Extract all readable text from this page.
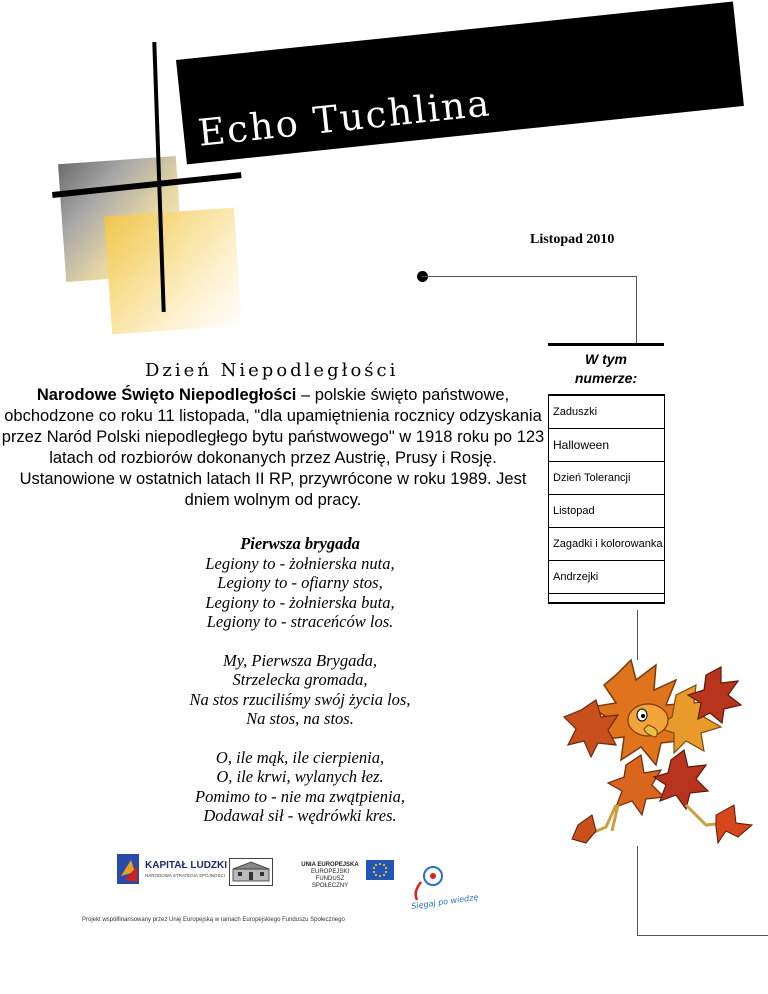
Echo Tuchlina
Listopad 2010
W tym
numerze:
Zaduszki
Halloween
Dzień Tolerancji
Listopad
Zagadki i kolorowanka
Andrzejki
Dzień Niepodległości
Narodowe Święto Niepodległości – polskie święto państwowe, obchodzone co roku 11 listopada, "dla upamiętnienia rocznicy odzyskania przez Naród Polski niepodległego bytu państwowego" w 1918 roku po 123 latach od rozbiorów dokonanych przez Austrię, Prusy i Rosję. Ustanowione w ostatnich latach II RP, przywrócone w roku 1989. Jest dniem wolnym od pracy.
Pierwsza brygada
Legiony to - żołnierska nuta,
Legiony to - ofiarny stos,
Legiony to - żołnierska buta,
Legiony to - straceńców los.
My, Pierwsza Brygada,
Strzelecka gromada,
Na stos rzuciliśmy swój życia los,
Na stos, na stos.
O, ile mąk, ile cierpienia,
O, ile krwi, wylanych łez.
Pomimo to - nie ma zwątpienia,
Dodawał sił - wędrówki kres.
KAPITAŁ LUDZKI
NARODOWA STRATEGIA SPÓJNOŚCI
UNIA EUROPEJSKA
EUROPEJSKI
FUNDUSZ SPOŁECZNY
Sięgaj po wiedzę
Projekt współfinansowany przez Unię Europejską w ramach Europejskiego Funduszu Społecznego
